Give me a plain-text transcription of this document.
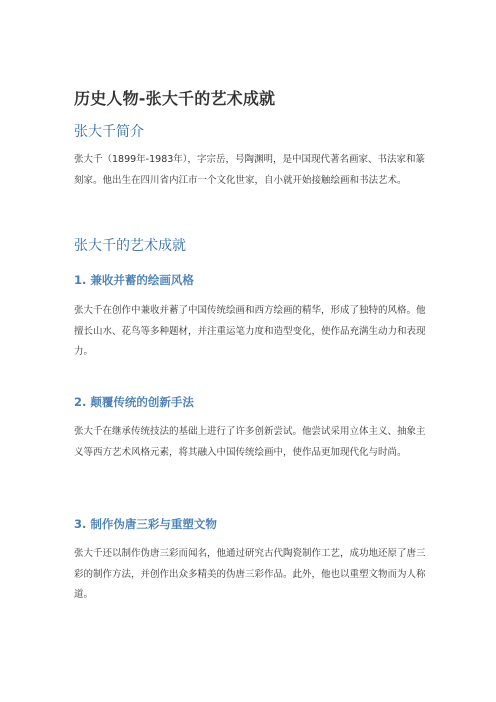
历史人物-张大千的艺术成就
张大千简介
张大千（1899年-1983年），字宗岳，号陶渊明，是中国现代著名画家、书法家和篆刻家。他出生在四川省内江市一个文化世家，自小就开始接触绘画和书法艺术。
张大千的艺术成就
1. 兼收并蓄的绘画风格
张大千在创作中兼收并蓄了中国传统绘画和西方绘画的精华，形成了独特的风格。他擅长山水、花鸟等多种题材，并注重运笔力度和造型变化，使作品充满生动力和表现力。
2. 颠覆传统的创新手法
张大千在继承传统技法的基础上进行了许多创新尝试。他尝试采用立体主义、抽象主义等西方艺术风格元素，将其融入中国传统绘画中，使作品更加现代化与时尚。
3. 制作伪唐三彩与重塑文物
张大千还以制作伪唐三彩而闻名，他通过研究古代陶瓷制作工艺，成功地还原了唐三彩的制作方法，并创作出众多精美的伪唐三彩作品。此外，他也以重塑文物而为人称道。
